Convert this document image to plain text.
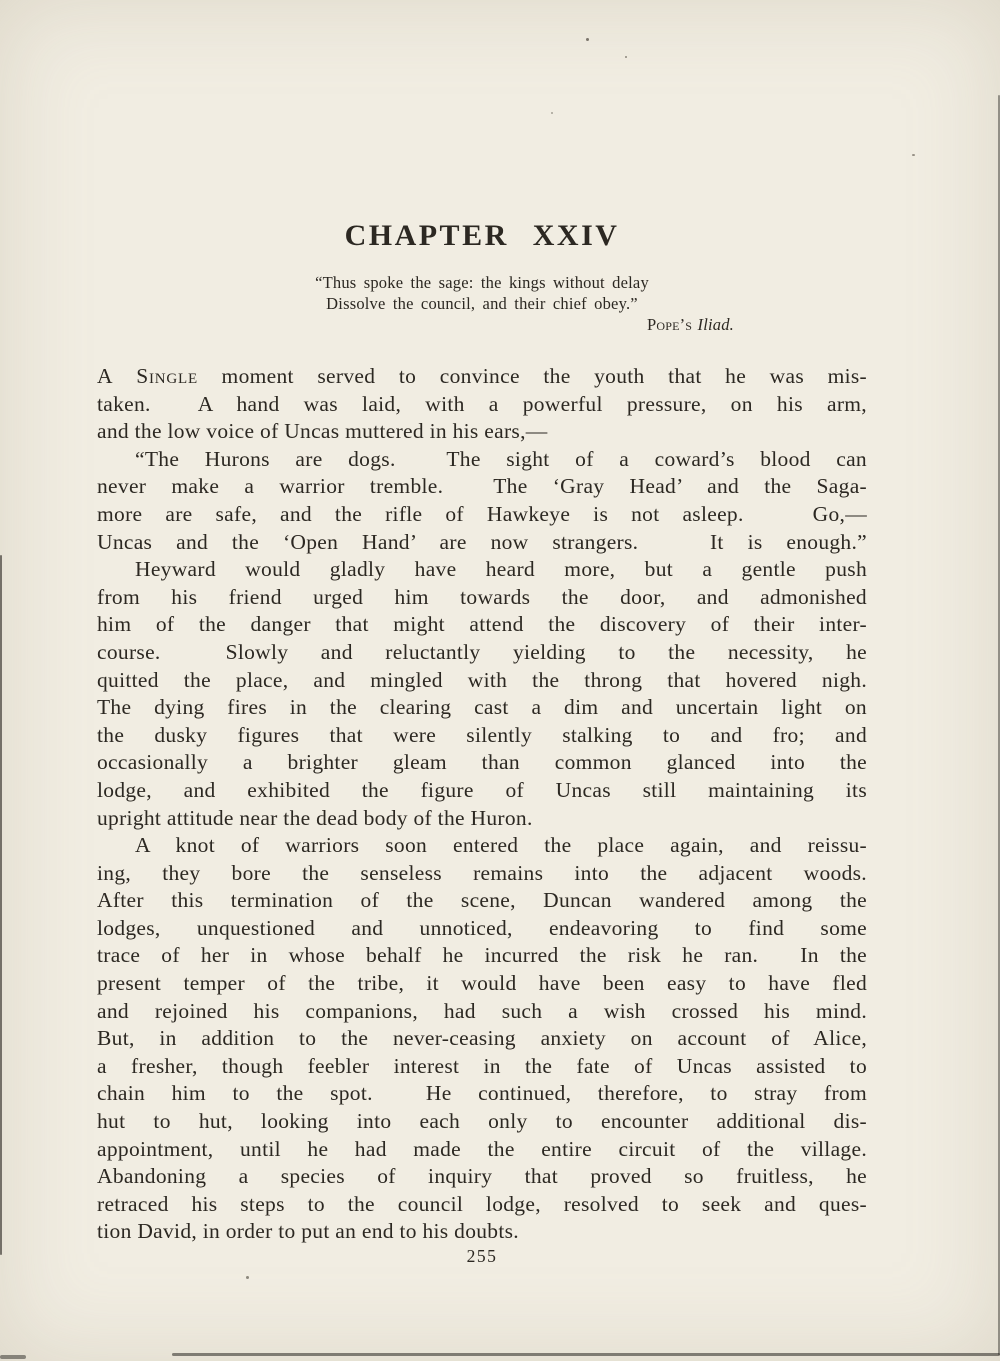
CHAPTER XXIV
“Thus spoke the sage: the kings without delay
Dissolve the council, and their chief obey.”
Pope’s Iliad.
A Single moment served to convince the youth that he was mis-
taken.  A hand was laid, with a powerful pressure, on his arm,
and the low voice of Uncas muttered in his ears,—
“The Hurons are dogs.  The sight of a coward’s blood can
never make a warrior tremble.  The ‘Gray Head’ and the Saga-
more are safe, and the rifle of Hawkeye is not asleep.   Go,—
Uncas and the ‘Open Hand’ are now strangers.   It is enough.”
Heyward would gladly have heard more, but a gentle push
from his friend urged him towards the door, and admonished
him of the danger that might attend the discovery of their inter-
course.  Slowly and reluctantly yielding to the necessity, he
quitted the place, and mingled with the throng that hovered nigh.
The dying fires in the clearing cast a dim and uncertain light on
the dusky figures that were silently stalking to and fro; and
occasionally a brighter gleam than common glanced into the
lodge, and exhibited the figure of Uncas still maintaining its
upright attitude near the dead body of the Huron.
A knot of warriors soon entered the place again, and reissu-
ing, they bore the senseless remains into the adjacent woods.
After this termination of the scene, Duncan wandered among the
lodges, unquestioned and unnoticed, endeavoring to find some
trace of her in whose behalf he incurred the risk he ran.  In the
present temper of the tribe, it would have been easy to have fled
and rejoined his companions, had such a wish crossed his mind.
But, in addition to the never-ceasing anxiety on account of Alice,
a fresher, though feebler interest in the fate of Uncas assisted to
chain him to the spot.  He continued, therefore, to stray from
hut to hut, looking into each only to encounter additional dis-
appointment, until he had made the entire circuit of the village.
Abandoning a species of inquiry that proved so fruitless, he
retraced his steps to the council lodge, resolved to seek and ques-
tion David, in order to put an end to his doubts.
255
